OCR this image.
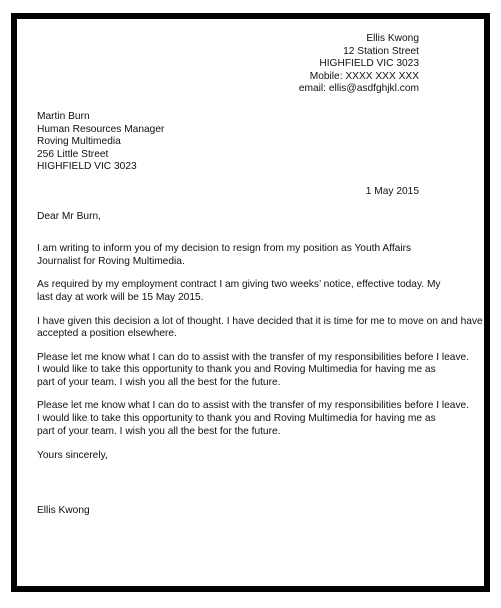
Ellis Kwong
12 Station Street
HIGHFIELD VIC 3023
Mobile: XXXX XXX XXX
email: ellis@asdfghjkl.com
Martin Burn
Human Resources Manager
Roving Multimedia
256 Little Street
HIGHFIELD VIC 3023
1 May 2015
Dear Mr Burn,
I am writing to inform you of my decision to resign from my position as Youth Affairs
Journalist for Roving Multimedia.
As required by my employment contract I am giving two weeks’ notice, effective today. My
last day at work will be 15 May 2015.
I have given this decision a lot of thought. I have decided that it is time for me to move on and have
accepted a position elsewhere.
Please let me know what I can do to assist with the transfer of my responsibilities before I leave.
I would like to take this opportunity to thank you and Roving Multimedia for having me as
part of your team. I wish you all the best for the future.
Please let me know what I can do to assist with the transfer of my responsibilities before I leave.
I would like to take this opportunity to thank you and Roving Multimedia for having me as
part of your team. I wish you all the best for the future.
Yours sincerely,
Ellis Kwong
